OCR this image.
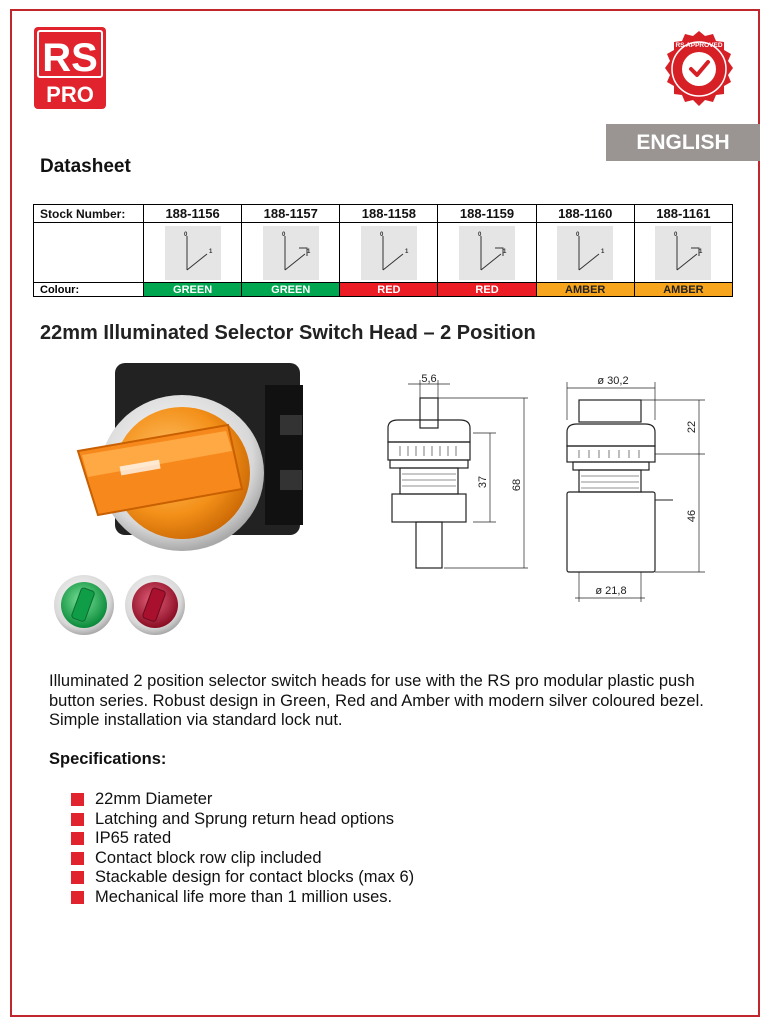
RS
PRO
RS APPROVED
ENGLISH
Datasheet
Stock Number:	188-1156	188-1157	188-1158	188-1159	188-1160	188-1161

0
1	0
1	0
1	0
1	0
1	0
1

Colour:	GREEN	GREEN	RED	RED	AMBER	AMBER
22mm Illuminated Selector Switch Head – 2 Position
5,6
37 68
ø 30,2
22
46
ø 21,8
Illuminated 2 position selector switch heads for use with the RS pro modular plastic push button series. Robust design in Green, Red and Amber with modern silver coloured bezel. Simple installation via standard lock nut.
Specifications:
22mm Diameter
Latching and Sprung return head options
IP65 rated
Contact block row clip included
Stackable design for contact blocks (max 6)
Mechanical life more than 1 million uses.
